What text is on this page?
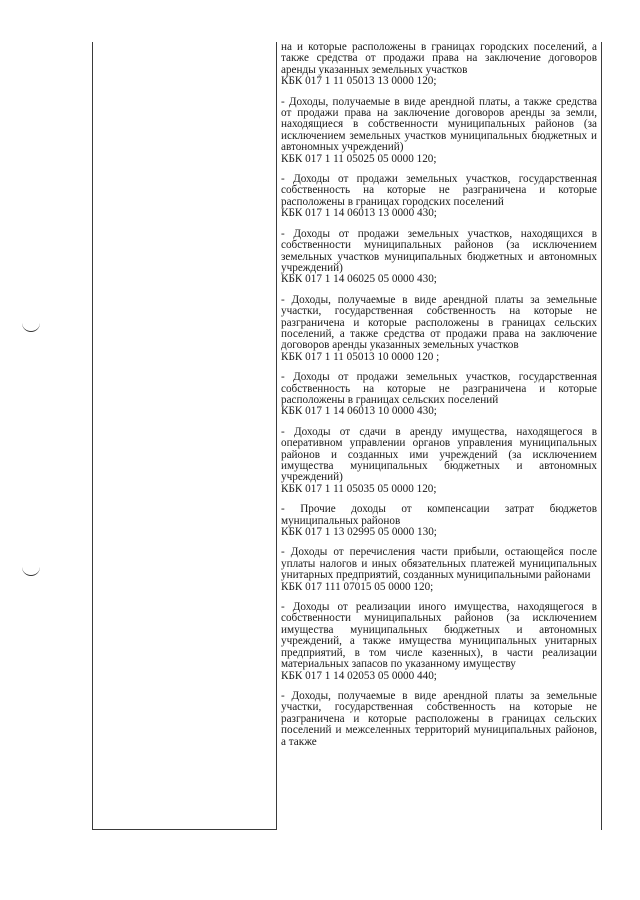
на и которые расположены в границах городских поселений, а также средства от продажи права на заключение договоров аренды указанных земельных участков
КБК 017 1 11 05013 13 0000 120;
- Доходы, получаемые в виде арендной платы, а также средства от продажи права на заключение договоров аренды за земли, находящиеся в собственности муниципальных районов (за исключением земельных участков муниципальных бюджетных и автономных учреждений)
КБК 017 1 11 05025 05 0000 120;
- Доходы от продажи земельных участков, государственная собственность на которые не разграничена и которые расположены в границах городских поселений
КБК 017 1 14 06013 13 0000 430;
- Доходы от продажи земельных участков, находящихся в собственности муниципальных районов (за исключением земельных участков муниципальных бюджетных и автономных учреждений)
КБК 017 1 14 06025 05 0000 430;
- Доходы, получаемые в виде арендной платы за земельные участки, государственная собственность на которые не разграничена и которые расположены в границах сельских поселений, а также средства от продажи права на заключение договоров аренды указанных земельных участков
КБК 017 1 11 05013 10 0000 120 ;
- Доходы от продажи земельных участков, государственная собственность на которые не разграничена и которые расположены в границах сельских поселений
КБК 017 1 14 06013 10 0000 430;
- Доходы от сдачи в аренду имущества, находящегося в оперативном управлении органов управления муниципальных районов и созданных ими учреждений (за исключением имущества муниципальных бюджетных и автономных учреждений)
КБК 017 1 11 05035 05 0000 120;
- Прочие доходы от компенсации затрат бюджетов муниципальных районов
КБК 017 1 13 02995 05 0000 130;
- Доходы от перечисления части прибыли, остающейся после уплаты налогов и иных обязательных платежей муниципальных унитарных предприятий, созданных муниципальными районами
КБК 017 111 07015 05 0000 120;
- Доходы от реализации иного имущества, находящегося в собственности муниципальных районов (за исключением имущества муниципальных бюджетных и автономных учреждений, а также имущества муниципальных унитарных предприятий, в том числе казенных), в части реализации материальных запасов по указанному имуществу
КБК 017 1 14 02053 05 0000 440;
- Доходы, получаемые в виде арендной платы за земельные участки, государственная собственность на которые не разграничена и которые расположены в границах сельских поселений и межселенных территорий муниципальных районов, а также
